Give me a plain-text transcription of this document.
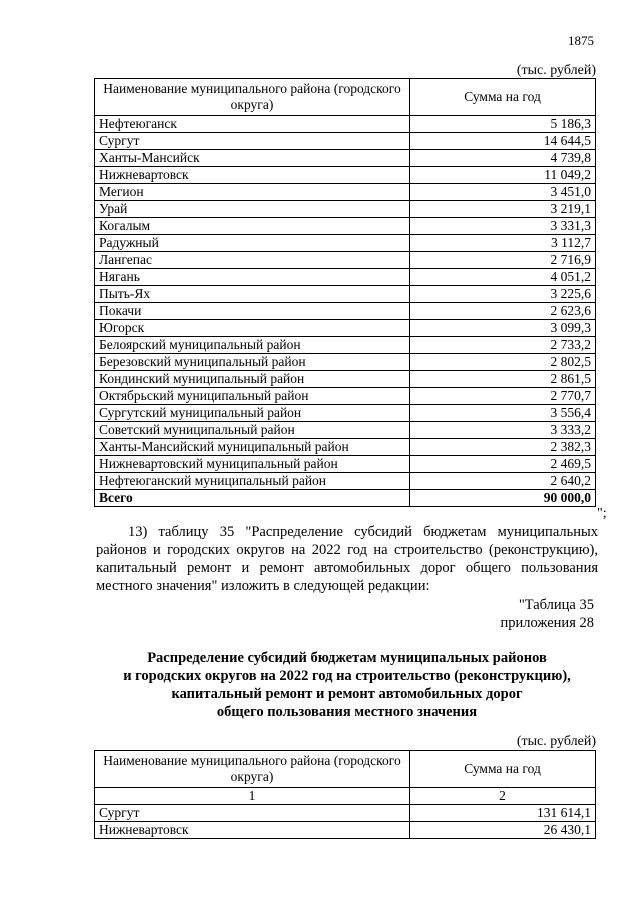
1875
(тыс. рублей)
Наименование муниципального района (городского округа)	Сумма на год
Нефтеюганск	5 186,3
Сургут	14 644,5
Ханты-Мансийск	4 739,8
Нижневартовск	11 049,2
Мегион	3 451,0
Урай	3 219,1
Когалым	3 331,3
Радужный	3 112,7
Лангепас	2 716,9
Нягань	4 051,2
Пыть-Ях	3 225,6
Покачи	2 623,6
Югорск	3 099,3
Белоярский муниципальный район	2 733,2
Березовский муниципальный район	2 802,5
Кондинский муниципальный район	2 861,5
Октябрьский муниципальный район	2 770,7
Сургутский муниципальный район	3 556,4
Советский муниципальный район	3 333,2
Ханты-Мансийский муниципальный район	2 382,3
Нижневартовский муниципальный район	2 469,5
Нефтеюганский муниципальный район	2 640,2
Всего	90 000,0
";
13) таблицу 35 "Распределение субсидий бюджетам муниципальных районов и городских округов на 2022 год на строительство (реконструкцию), капитальный ремонт и ремонт автомобильных дорог общего пользования местного значения" изложить в следующей редакции:
"Таблица 35
приложения 28
Распределение субсидий бюджетам муниципальных районов
и городских округов на 2022 год на строительство (реконструкцию),
капитальный ремонт и ремонт автомобильных дорог
общего пользования местного значения
(тыс. рублей)
Наименование муниципального района (городского округа)	Сумма на год
1	2
Сургут	131 614,1
Нижневартовск	26 430,1
